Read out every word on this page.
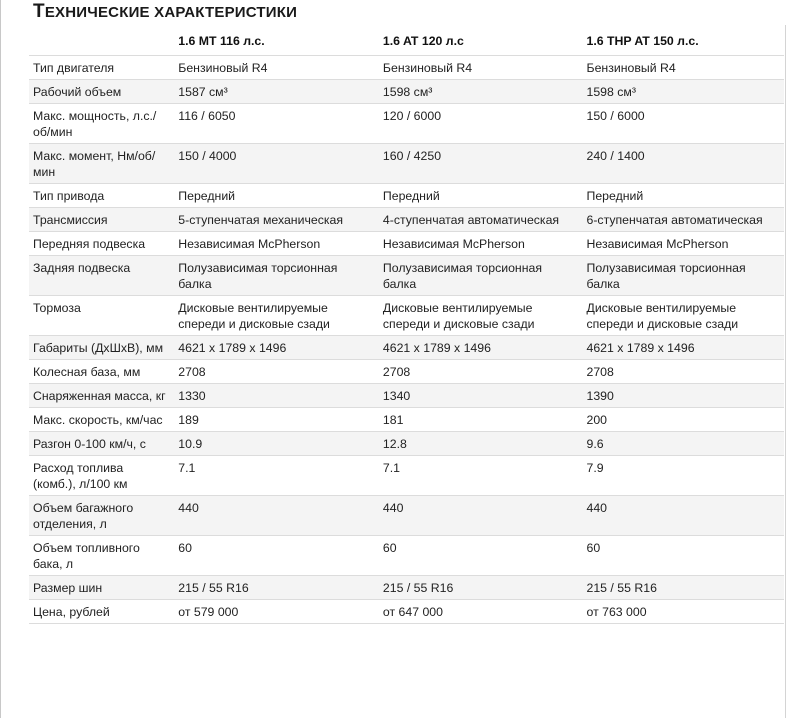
ТЕХНИЧЕСКИЕ ХАРАКТЕРИСТИКИ
	1.6 MT 116 л.с.	1.6 AT 120 л.с	1.6 THP AT 150 л.с.
Тип двигателя	Бензиновый R4	Бензиновый R4	Бензиновый R4
Рабочий объем	1587 см³	1598 см³	1598 см³
Макс. мощность, л.с./об/мин	116 / 6050	120 / 6000	150 / 6000
Макс. момент, Нм/об/мин	150 / 4000	160 / 4250	240 / 1400
Тип привода	Передний	Передний	Передний
Трансмиссия	5-ступенчатая механическая	4-ступенчатая автоматическая	6-ступенчатая автоматическая
Передняя подвеска	Независимая McPherson	Независимая McPherson	Независимая McPherson
Задняя подвеска	Полузависимая торсионная балка	Полузависимая торсионная балка	Полузависимая торсионная балка
Тормоза	Дисковые вентилируемые спереди и дисковые сзади	Дисковые вентилируемые спереди и дисковые сзади	Дисковые вентилируемые спереди и дисковые сзади
Габариты (ДхШхВ), мм	4621 x 1789 x 1496	4621 x 1789 x 1496	4621 x 1789 x 1496
Колесная база, мм	2708	2708	2708
Снаряженная масса, кг	1330	1340	1390
Макс. скорость, км/час	189	181	200
Разгон 0-100 км/ч, с	10.9	12.8	9.6
Расход топлива (комб.), л/100 км	7.1	7.1	7.9
Объем багажного отделения, л	440	440	440
Объем топливного бака, л	60	60	60
Размер шин	215 / 55 R16	215 / 55 R16	215 / 55 R16
Цена, рублей	от 579 000	от 647 000	от 763 000
